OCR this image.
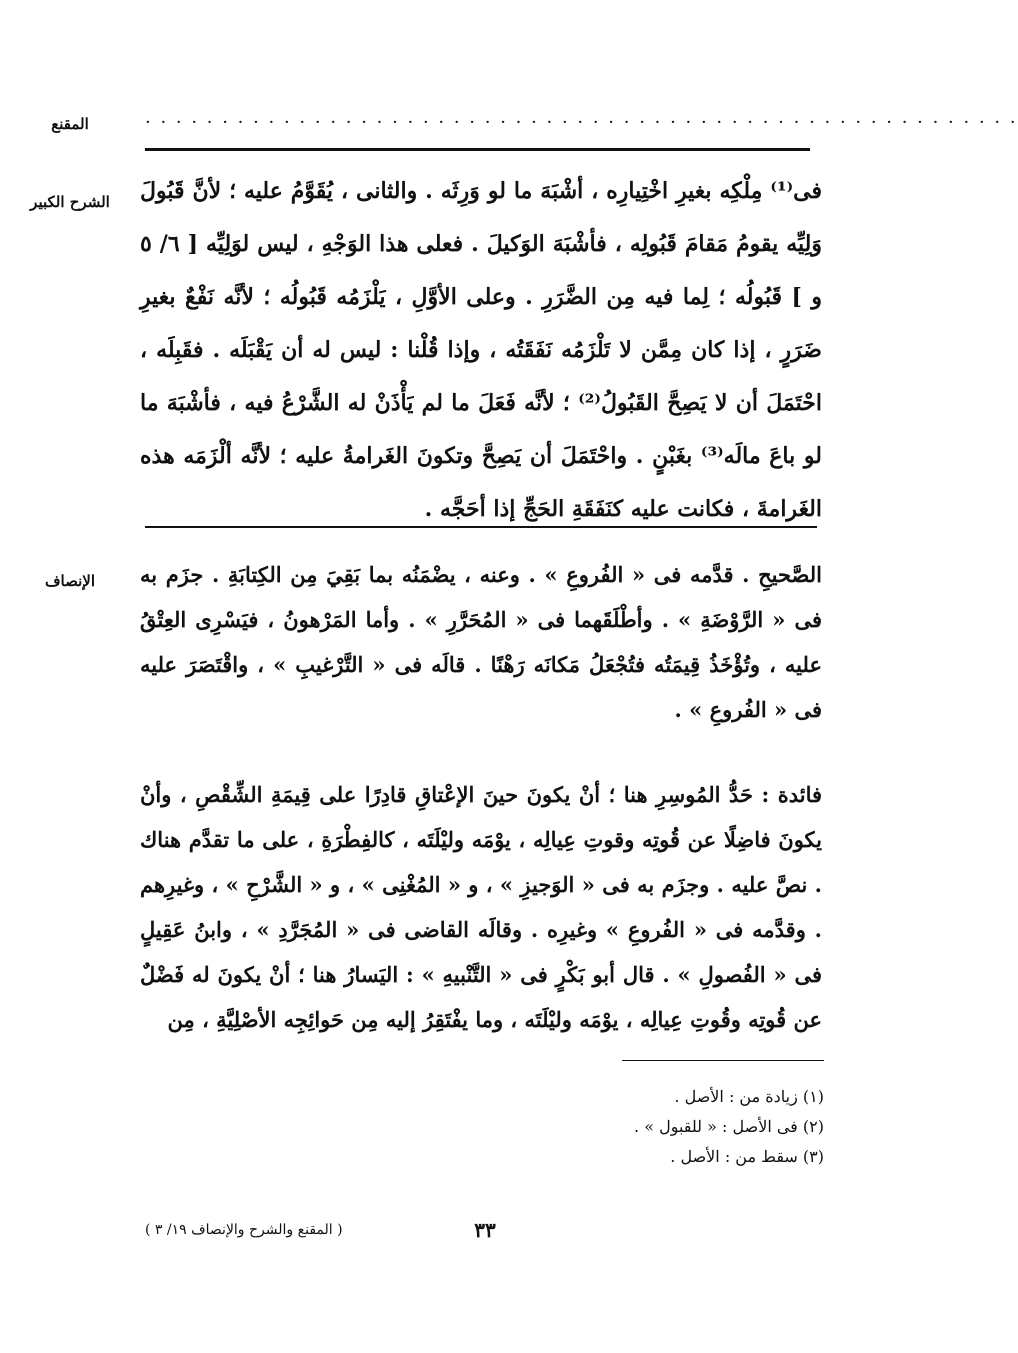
المقنع	· · · · · · · · · · · · · · · · · · · · · · · · · · · · · · · · · · · · · · · · · · · · · · · · · · · · · · · · ·
الشرح الكبير	فى⁽¹⁾ مِلْكِه بغيرِ اخْتِيارِه ، أشْبَهَ ما لو وَرِثَه . والثانى ، يُقَوَّمُ عليه ؛ لأنَّ قَبُولَ وَلِيِّه يقومُ مَقامَ قَبُولِه ، فأشْبَهَ الوَكيلَ . فعلى هذا الوَجْهِ ، ليس لوَلِيِّه [ ٦/ ٥ و ] قَبُولُه ؛ لِما فيه مِن الضَّرَرِ . وعلى الأوَّلِ ، يَلْزَمُه قَبُولُه ؛ لأنَّه نَفْعٌ بغيرِ ضَرَرٍ ، إذا كان مِمَّن لا تَلْزَمُه نَفَقَتُه ، وإذا قُلْنا : ليس له أن يَقْبَلَه . فقَبِلَه ، احْتَمَلَ أن لا يَصِحَّ القَبُولُ⁽²⁾ ؛ لأنَّه فَعَلَ ما لم يَأْذَنْ له الشَّرْعُ فيه ، فأشْبَهَ ما لو باعَ مالَه⁽³⁾ بغَبْنٍ . واحْتَمَلَ أن يَصِحَّ وتكونَ الغَرامةُ عليه ؛ لأنَّه ألْزَمَه هذه الغَرامةَ ، فكانت عليه كنَفَقَةِ الحَجِّ إذا أحَجَّه .

الإنصاف	الصَّحيحِ . قدَّمه فى « الفُروعِ » . وعنه ، يضْمَنُه بما بَقِيَ مِن الكِتابَةِ . جزَم به فى « الرَّوْضَةِ » . وأطْلَقَهما فى « المُحَرَّرِ » . وأما المَرْهونُ ، فيَسْرِى العِتْقُ عليه ، وتُؤْخَذُ قِيمَتُه فتُجْعَلُ مَكانَه رَهْنًا . قالَه فى « التَّرْغيبِ » ، واقْتَصَرَ عليه فى « الفُروعِ » .

فائدة : حَدُّ المُوسِرِ هنا ؛ أنْ يكونَ حينَ الإعْتاقِ قادِرًا على قِيمَةِ الشِّقْصِ ، وأنْ يكونَ فاضِلًا عن قُوتِه وقوتِ عِيالِه ، يوْمَه وليْلَتَه ، كالفِطْرَةِ ، على ما تقدَّم هناك . نصَّ عليه . وجزَم به فى « الوَجيزِ » ، و « المُغْنِى » ، و « الشَّرْحِ » ، وغيرِهم . وقدَّمه فى « الفُروعِ » وغيرِه . وقالَه القاضى فى « المُجَرَّدِ » ، وابنُ عَقِيلٍ فى « الفُصولِ » . قال أبو بَكْرٍ فى « التَّنْبيهِ » : اليَسارُ هنا ؛ أنْ يكونَ له فَضْلٌ عن قُوتِه وقُوتِ عِيالِه ، يوْمَه وليْلَتَه ، وما يفْتَقِرُ إليه مِن حَوائِجِه الأصْلِيَّةِ ، مِن

(١) زيادة من : الأصل .
(٢) فى الأصل : « للقبول » .
(٣) سقط من : الأصل .
٣٣
( المقنع والشرح والإنصاف ١٩/ ٣ )
